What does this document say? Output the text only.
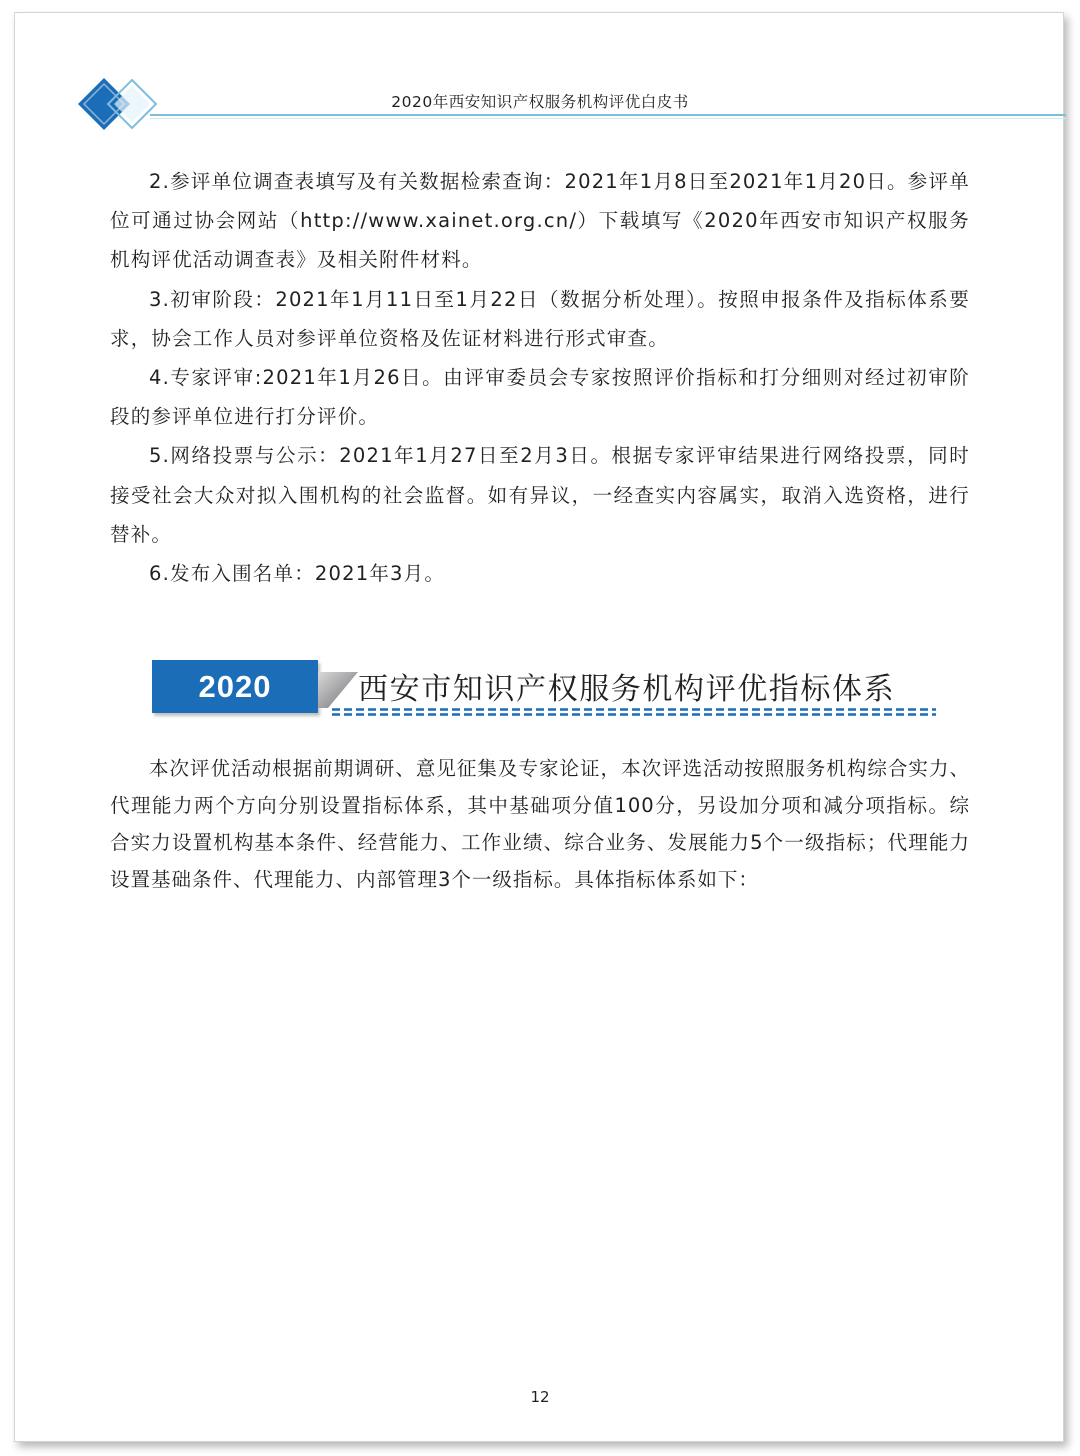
2020年西安知识产权服务机构评优白皮书

2.参评单位调查表填写及有关数据检索查询：2021年1月8日至2021年1月20日。参评单位可通过协会网站（http://www.xainet.org.cn/）下载填写《2020年西安市知识产权服务机构评优活动调查表》及相关附件材料。

3.初审阶段：2021年1月11日至1月22日（数据分析处理）。按照申报条件及指标体系要求，协会工作人员对参评单位资格及佐证材料进行形式审查。

4.专家评审:2021年1月26日。由评审委员会专家按照评价指标和打分细则对经过初审阶段的参评单位进行打分评价。

5.网络投票与公示：2021年1月27日至2月3日。根据专家评审结果进行网络投票，同时接受社会大众对拟入围机构的社会监督。如有异议，一经查实内容属实，取消入选资格，进行替补。

6.发布入围名单：2021年3月。

2020	西安市知识产权服务机构评优指标体系

本次评优活动根据前期调研、意见征集及专家论证，本次评选活动按照服务机构综合实力、代理能力两个方向分别设置指标体系，其中基础项分值100分，另设加分项和减分项指标。综合实力设置机构基本条件、经营能力、工作业绩、综合业务、发展能力5个一级指标；代理能力设置基础条件、代理能力、内部管理3个一级指标。具体指标体系如下：

12
